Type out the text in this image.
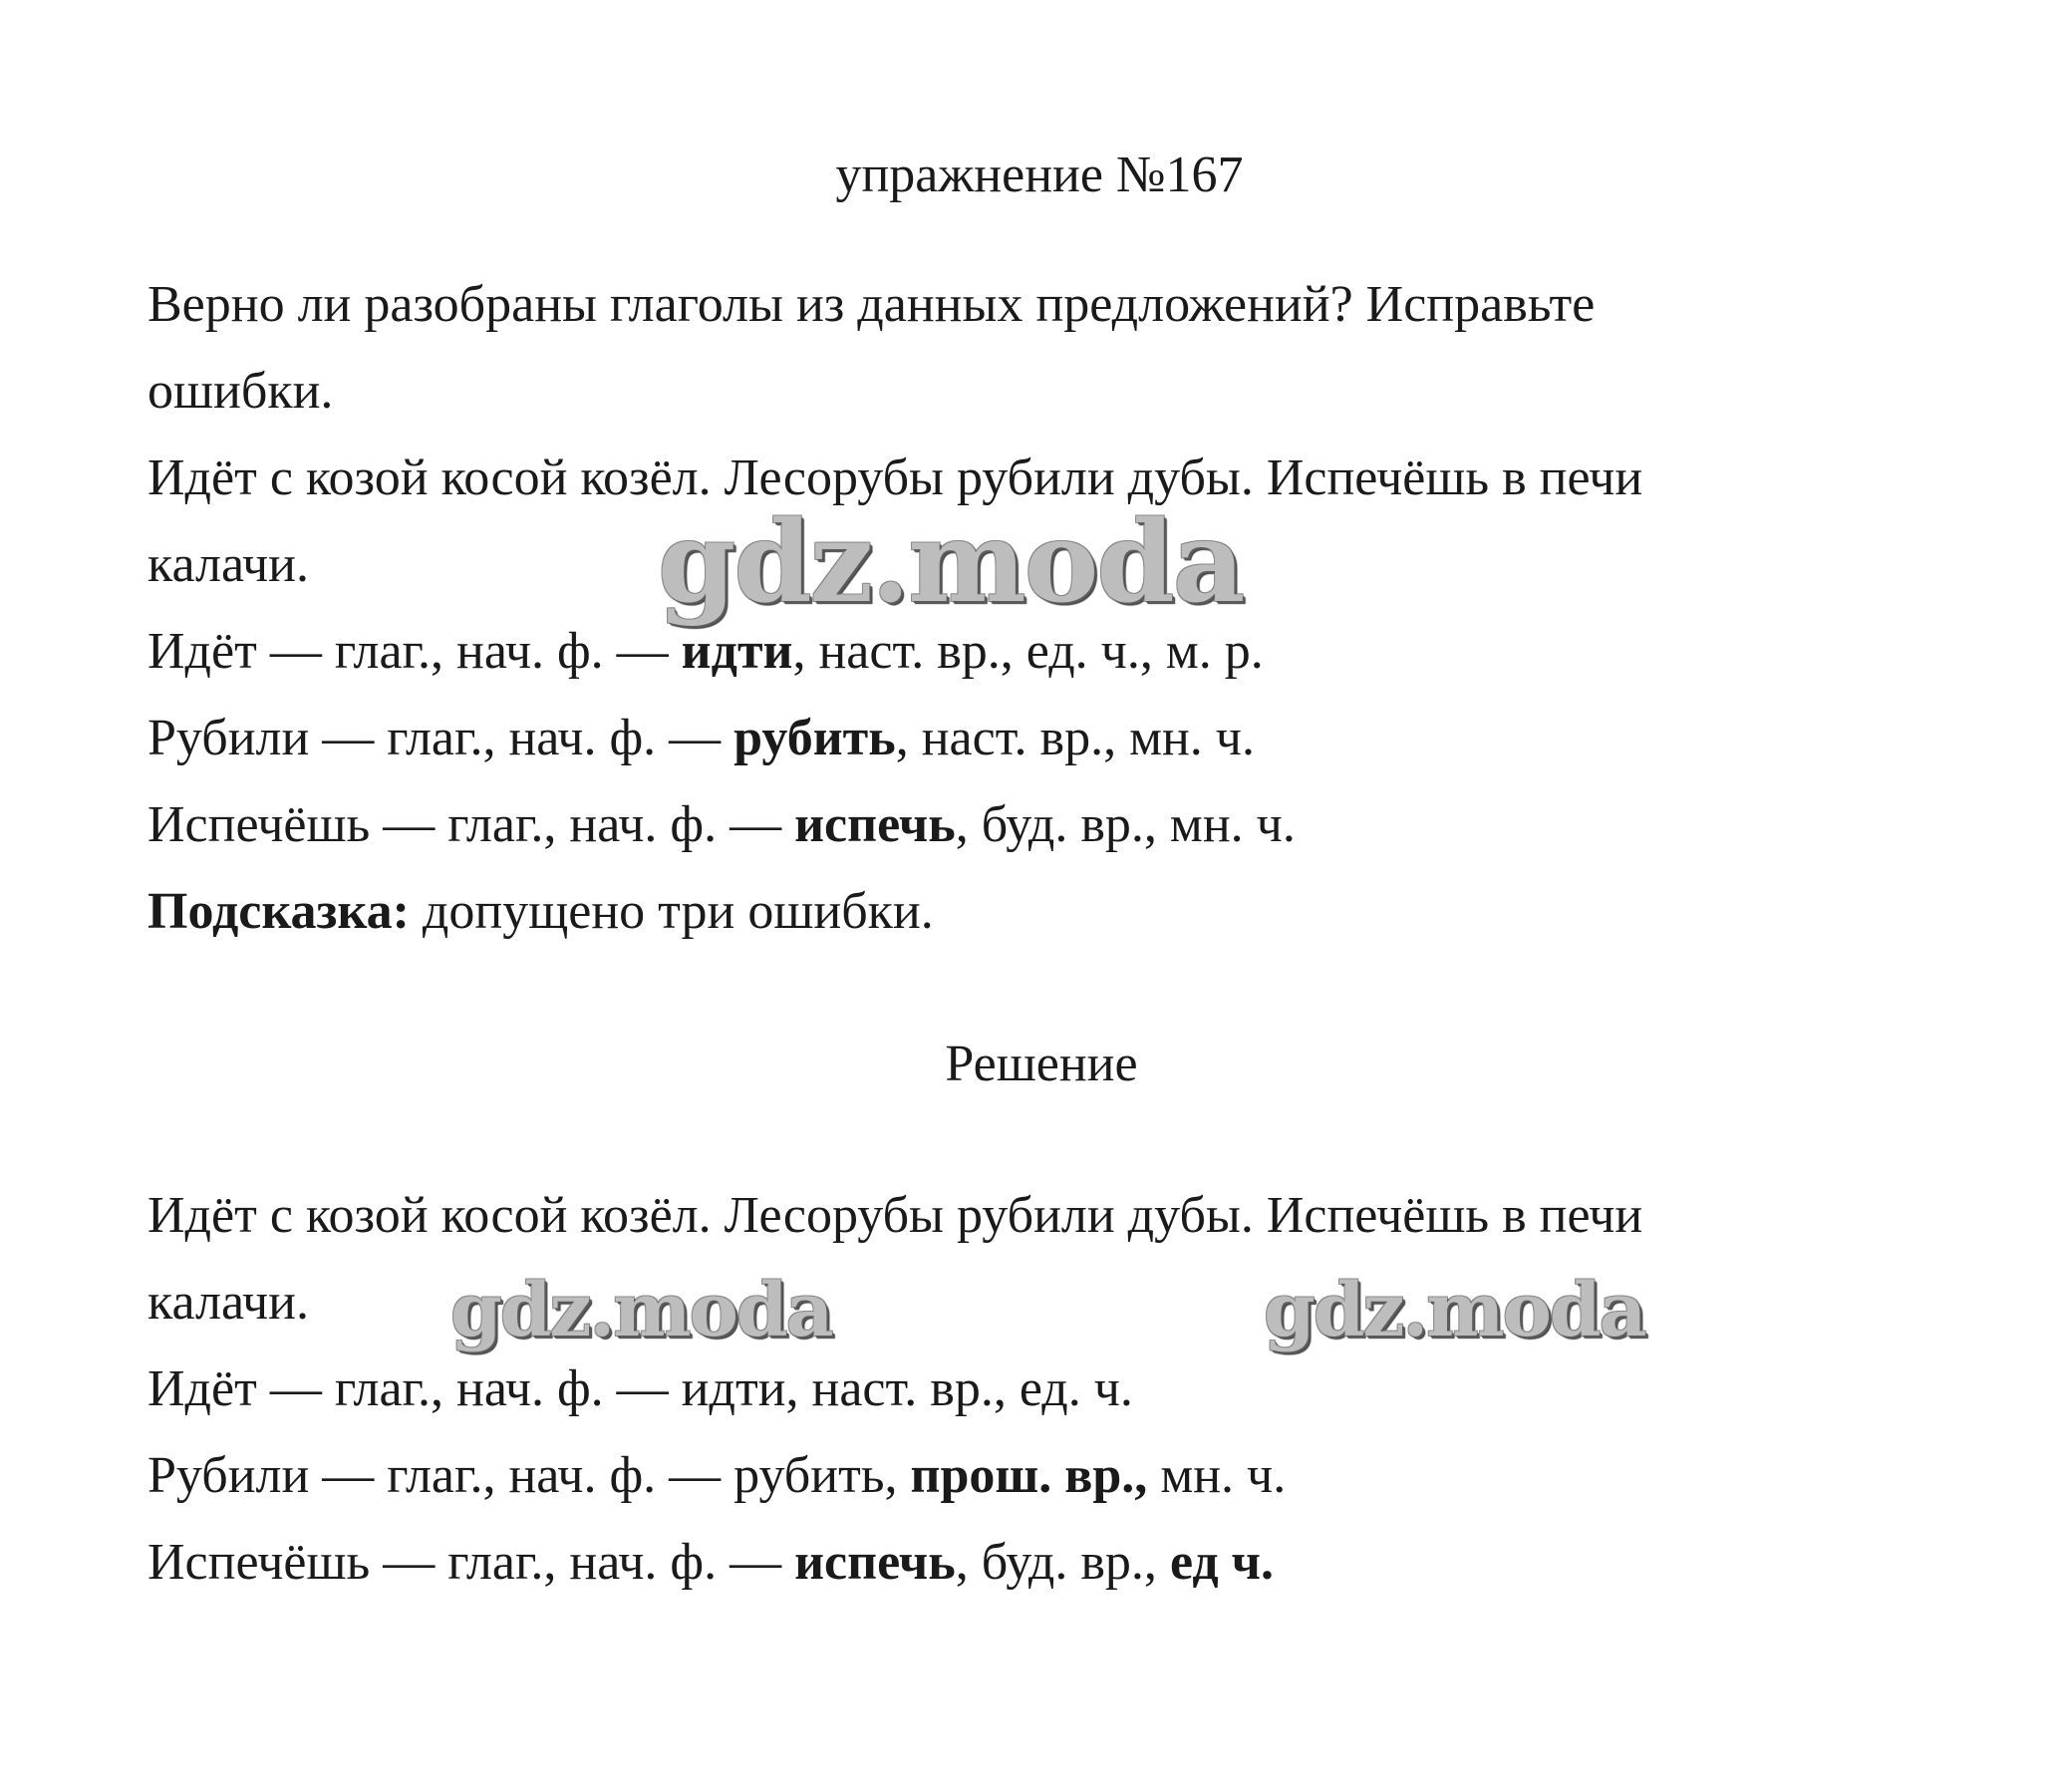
упражнение №167
Верно ли разобраны глаголы из данных предложений? Исправьте
ошибки.
Идёт с козой косой козёл. Лесорубы рубили дубы. Испечёшь в печи
калачи.
Идёт — глаг., нач. ф. — идти, наст. вр., ед. ч., м. р.
Рубили — глаг., нач. ф. — рубить, наст. вр., мн. ч.
Испечёшь — глаг., нач. ф. — испечь, буд. вр., мн. ч.
Подсказка: допущено три ошибки.
Решение
Идёт с козой косой козёл. Лесорубы рубили дубы. Испечёшь в печи
калачи.
Идёт — глаг., нач. ф. — идти, наст. вр., ед. ч.
Рубили — глаг., нач. ф. — рубить, прош. вр., мн. ч.
Испечёшь — глаг., нач. ф. — испечь, буд. вр., ед ч.
gdz.moda
gdz.moda	gdz.moda
